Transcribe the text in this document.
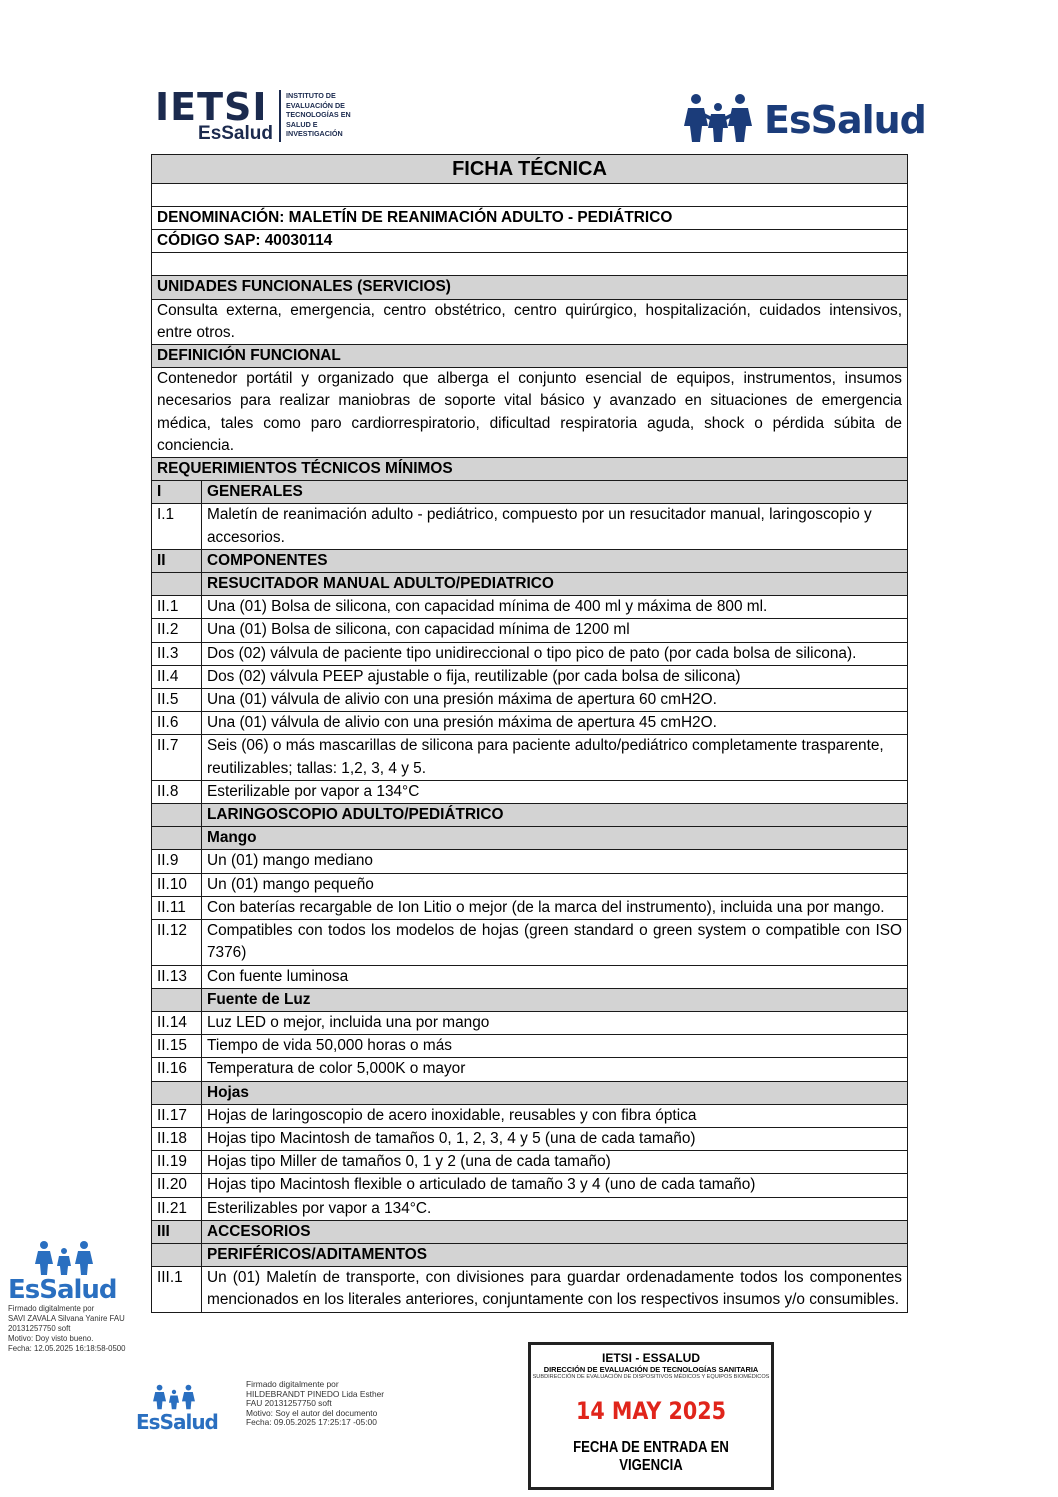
IETSI
EsSalud
INSTITUTO DE
EVALUACIÓN DE
TECNOLOGÍAS EN
SALUD E
INVESTIGACIÓN	EsSalud
FICHA TÉCNICA	

DENOMINACIÓN: MALETÍN DE REANIMACIÓN ADULTO - PEDIÁTRICO	
CÓDIGO SAP: 40030114	

UNIDADES FUNCIONALES (SERVICIOS)	
Consulta externa, emergencia, centro obstétrico, centro quirúrgico, hospitalización, cuidados intensivos, entre otros.	
DEFINICIÓN FUNCIONAL	
Contenedor portátil y organizado que alberga el conjunto esencial de equipos, instrumentos, insumos necesarios para realizar maniobras de soporte vital básico y avanzado en situaciones de emergencia médica, tales como paro cardiorrespiratorio, dificultad respiratoria aguda, shock o pérdida súbita de conciencia.	
REQUERIMIENTOS TÉCNICOS MÍNIMOS	
I	GENERALES
I.1	Maletín de reanimación adulto - pediátrico, compuesto por un resucitador manual, laringoscopio y accesorios.
II	COMPONENTES
	RESUCITADOR MANUAL ADULTO/PEDIATRICO
II.1	Una (01) Bolsa de silicona, con capacidad mínima de 400 ml y máxima de 800 ml.
II.2	Una (01) Bolsa de silicona, con capacidad mínima de 1200 ml
II.3	Dos (02) válvula de paciente tipo unidireccional o tipo pico de pato (por cada bolsa de silicona).
II.4	Dos (02) válvula PEEP ajustable o fija, reutilizable (por cada bolsa de silicona)
II.5	Una (01) válvula de alivio con una presión máxima de apertura 60 cmH2O.
II.6	Una (01) válvula de alivio con una presión máxima de apertura 45 cmH2O.
II.7	Seis (06) o más mascarillas de silicona para paciente adulto/pediátrico completamente trasparente, reutilizables; tallas: 1,2, 3, 4 y 5.
II.8	Esterilizable por vapor a 134°C
	LARINGOSCOPIO ADULTO/PEDIÁTRICO
	Mango
II.9	Un (01) mango mediano
II.10	Un (01) mango pequeño
II.11	Con baterías recargable de Ion Litio o mejor (de la marca del instrumento), incluida una por mango.
II.12	Compatibles con todos los modelos de hojas (green standard o green system o compatible con ISO 7376)
II.13	Con fuente luminosa
	Fuente de Luz
II.14	Luz LED o mejor, incluida una por mango
II.15	Tiempo de vida 50,000 horas o más
II.16	Temperatura de color 5,000K o mayor
	Hojas
II.17	Hojas de laringoscopio de acero inoxidable, reusables y con fibra óptica
II.18	Hojas tipo Macintosh de tamaños 0, 1, 2, 3, 4 y 5 (una de cada tamaño)
II.19	Hojas tipo Miller de tamaños 0, 1 y 2 (una de cada tamaño)
II.20	Hojas tipo Macintosh flexible o articulado de tamaño 3 y 4 (uno de cada tamaño)
II.21	Esterilizables por vapor a 134°C.
III	ACCESORIOS
	PERIFÉRICOS/ADITAMENTOS
III.1	Un (01) Maletín de transporte, con divisiones para guardar ordenadamente todos los componentes mencionados en los literales anteriores, conjuntamente con los respectivos insumos y/o consumibles.
EsSalud
Firmado digitalmente por
SAVI ZAVALA Silvana Yanire FAU
20131257750 soft
Motivo: Doy visto bueno.
Fecha: 12.05.2025 16:18:58-0500
EsSalud
Firmado digitalmente por
HILDEBRANDT PINEDO Lida Esther
FAU 20131257750 soft
Motivo: Soy el autor del documento
Fecha: 09.05.2025 17:25:17 -05:00
IETSI - ESSALUD
DIRECCIÓN DE EVALUACIÓN DE TECNOLOGÍAS SANITARIA
SUBDIRECCIÓN DE EVALUACIÓN DE DISPOSITIVOS MÉDICOS Y EQUIPOS BIOMÉDICOS
14 MAY 2025
FECHA DE ENTRADA EN VIGENCIA
